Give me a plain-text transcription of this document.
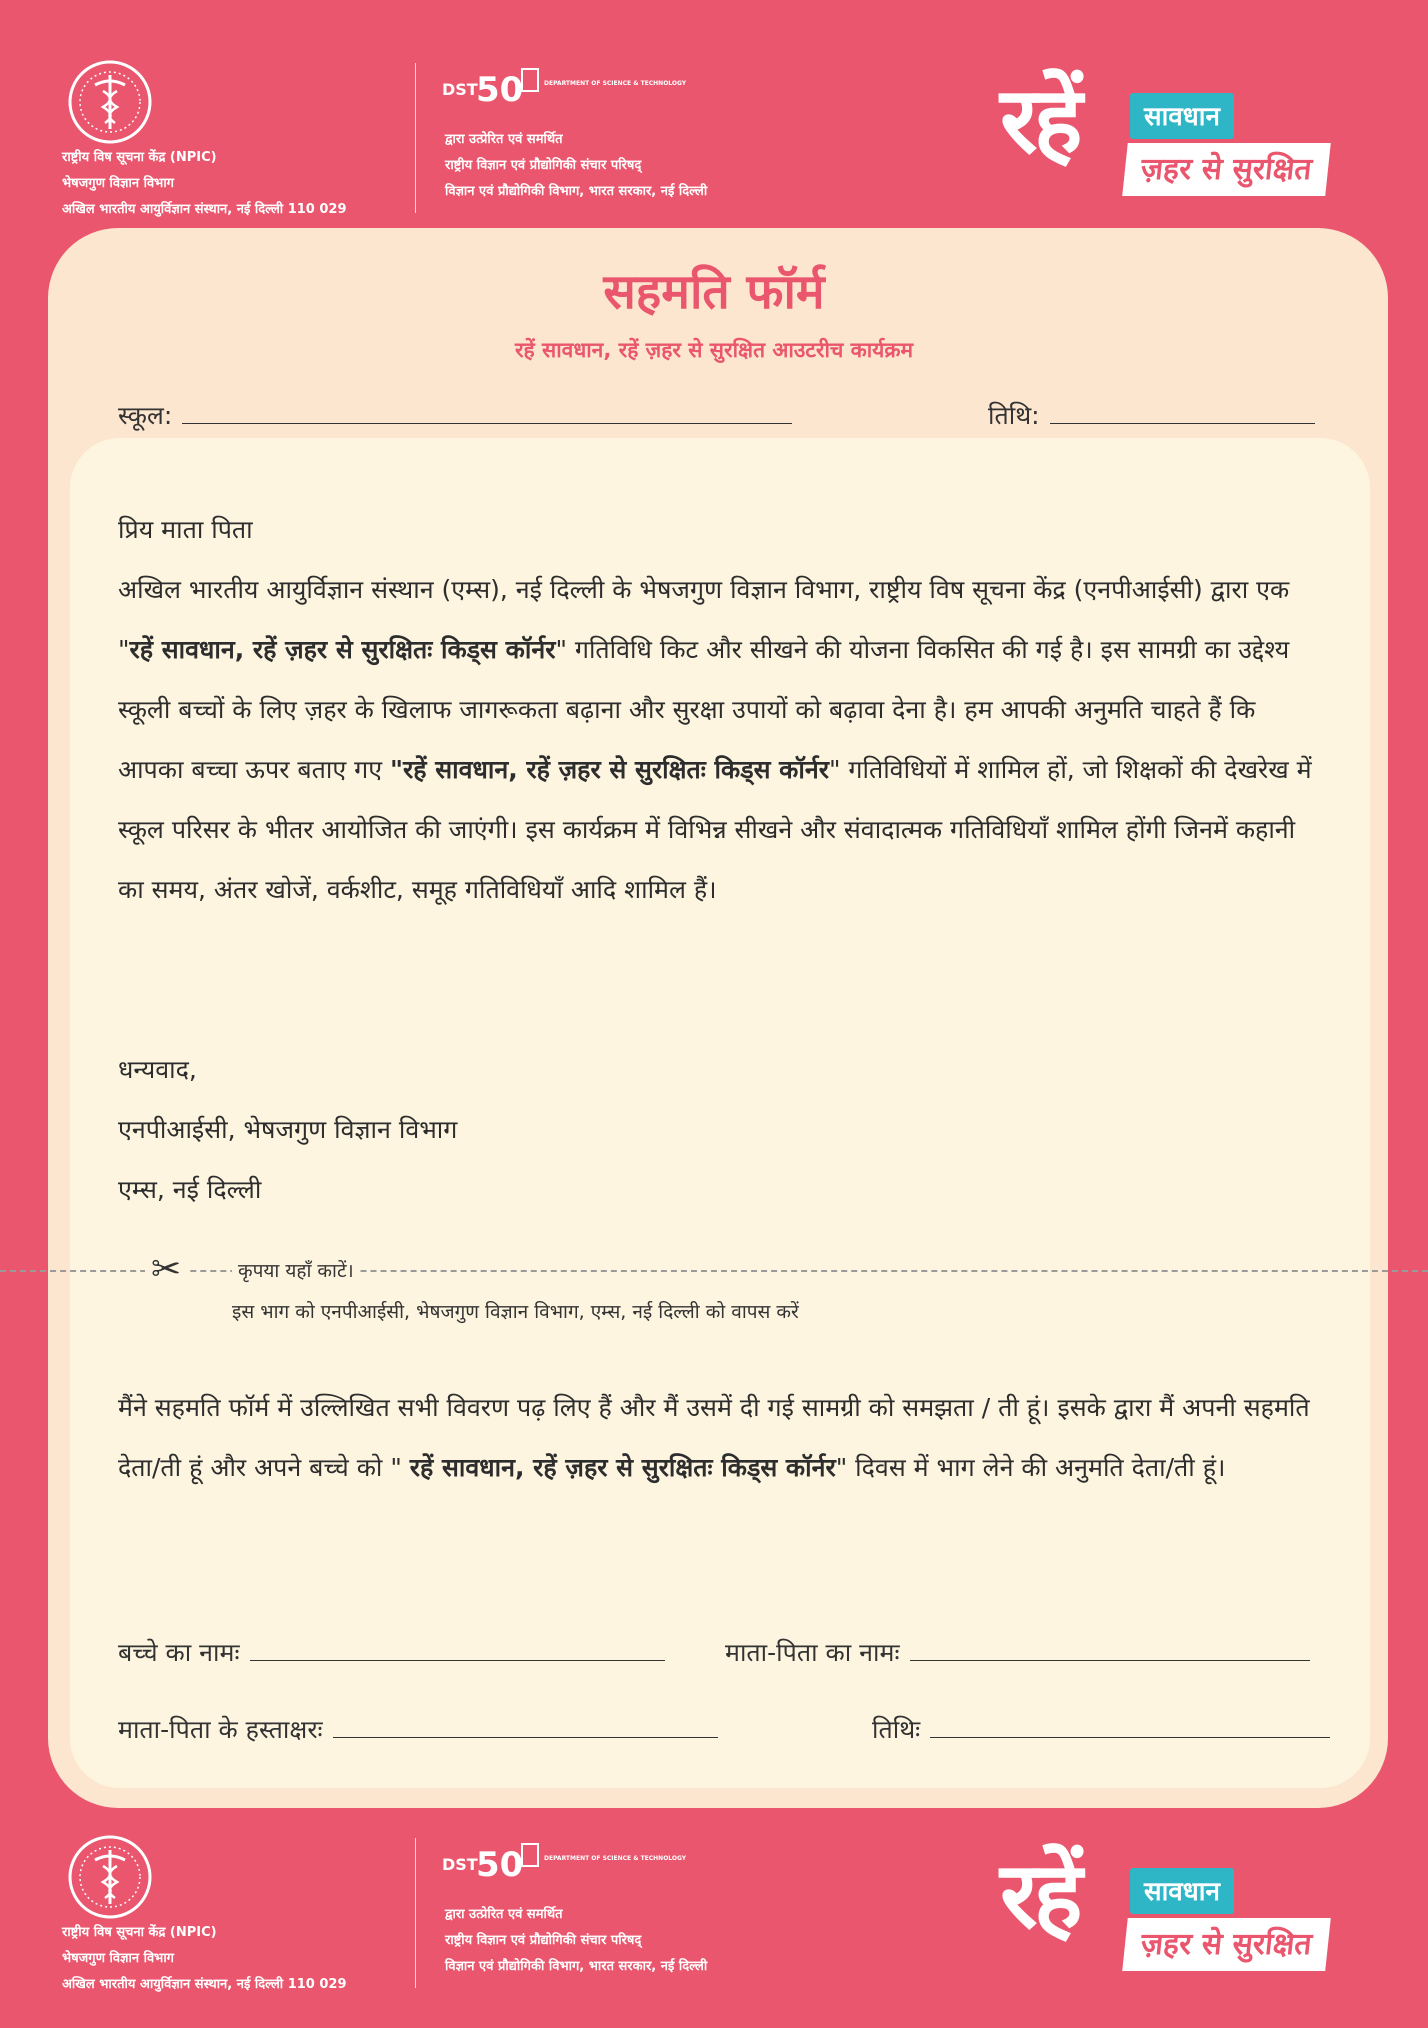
राष्ट्रीय विष सूचना केंद्र (NPIC)
भेषजगुण विज्ञान विभाग
अखिल भारतीय आयुर्विज्ञान संस्थान, नई दिल्ली 110 029
DST
50	DEPARTMENT OF SCIENCE & TECHNOLOGY
द्वारा उत्प्रेरित एवं समर्थित
राष्ट्रीय विज्ञान एवं प्रौद्योगिकी संचार परिषद्
विज्ञान एवं प्रौद्योगिकी विभाग, भारत सरकार, नई दिल्ली
रहें	सावधान
ज़हर से सुरक्षित
सहमति फॉर्म
रहें सावधान, रहें ज़हर से सुरक्षित आउटरीच कार्यक्रम
स्कूल:	तिथि:
प्रिय माता पिता
अखिल भारतीय आयुर्विज्ञान संस्थान (एम्स), नई दिल्ली के भेषजगुण विज्ञान विभाग, राष्ट्रीय विष सूचना केंद्र (एनपीआईसी) द्वारा एक "रहें सावधान, रहें ज़हर से सुरक्षितः किड्स कॉर्नर" गतिविधि किट और सीखने की योजना विकसित की गई है। इस सामग्री का उद्देश्य स्कूली बच्चों के लिए ज़हर के खिलाफ जागरूकता बढ़ाना और सुरक्षा उपायों को बढ़ावा देना है। हम आपकी अनुमति चाहते हैं कि आपका बच्चा ऊपर बताए गए "रहें सावधान, रहें ज़हर से सुरक्षितः किड्स कॉर्नर" गतिविधियों में शामिल हों, जो शिक्षकों की देखरेख में स्कूल परिसर के भीतर आयोजित की जाएंगी। इस कार्यक्रम में विभिन्न सीखने और संवादात्मक गतिविधियाँ शामिल होंगी जिनमें कहानी का समय, अंतर खोजें, वर्कशीट, समूह गतिविधियाँ आदि शामिल हैं।
धन्यवाद,
एनपीआईसी, भेषजगुण विज्ञान विभाग
एम्स, नई दिल्ली
✂	कृपया यहाँ काटें।
इस भाग को एनपीआईसी, भेषजगुण विज्ञान विभाग, एम्स, नई दिल्ली को वापस करें
मैंने सहमति फॉर्म में उल्लिखित सभी विवरण पढ़ लिए हैं और मैं उसमें दी गई सामग्री को समझता / ती हूं। इसके द्वारा मैं अपनी सहमति देता/ती हूं और अपने बच्चे को " रहें सावधान, रहें ज़हर से सुरक्षितः किड्स कॉर्नर" दिवस में भाग लेने की अनुमति देता/ती हूं।
बच्चे का नामः	माता-पिता का नामः
माता-पिता के हस्ताक्षरः	तिथिः
राष्ट्रीय विष सूचना केंद्र (NPIC)
भेषजगुण विज्ञान विभाग
अखिल भारतीय आयुर्विज्ञान संस्थान, नई दिल्ली 110 029
DST
50	DEPARTMENT OF SCIENCE & TECHNOLOGY
द्वारा उत्प्रेरित एवं समर्थित
राष्ट्रीय विज्ञान एवं प्रौद्योगिकी संचार परिषद्
विज्ञान एवं प्रौद्योगिकी विभाग, भारत सरकार, नई दिल्ली
रहें	सावधान
ज़हर से सुरक्षित
